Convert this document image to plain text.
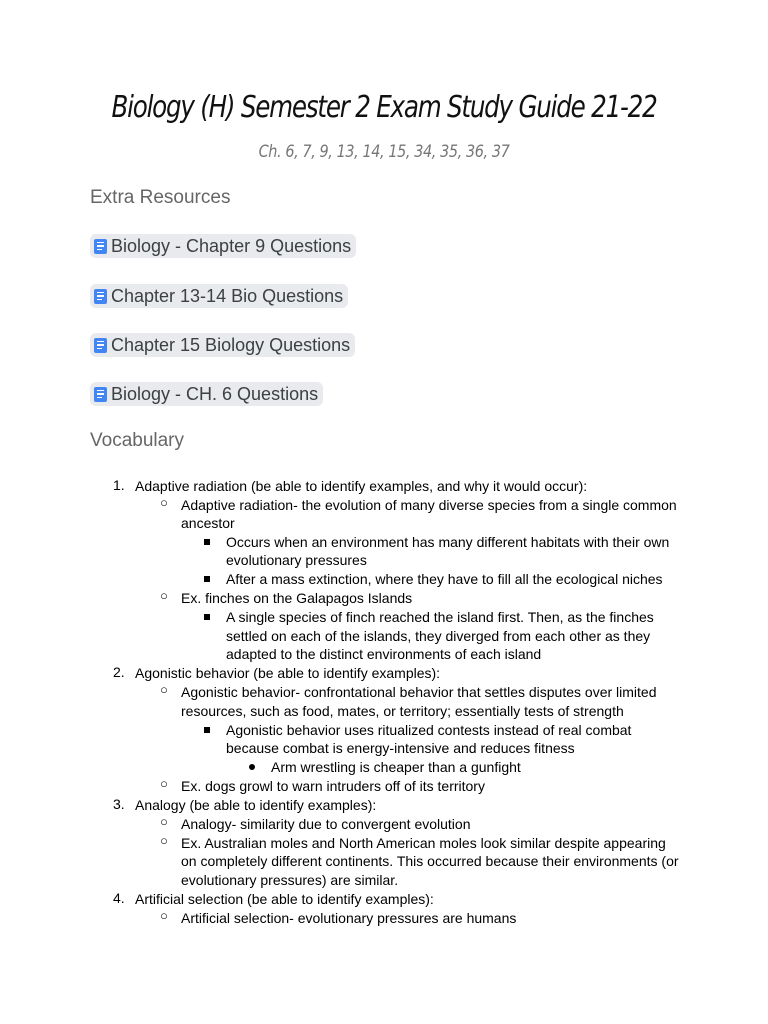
Biology (H) Semester 2 Exam Study Guide 21-22
Ch. 6, 7, 9, 13, 14, 15, 34, 35, 36, 37
Extra Resources
Biology - Chapter 9 Questions
Chapter 13-14 Bio Questions
Chapter 15 Biology Questions
Biology - CH. 6 Questions
Vocabulary
1. Adaptive radiation (be able to identify examples, and why it would occur):
○ Adaptive radiation- the evolution of many diverse species from a single common
ancestor
Occurs when an environment has many different habitats with their own
evolutionary pressures
After a mass extinction, where they have to fill all the ecological niches
○ Ex. finches on the Galapagos Islands
A single species of finch reached the island first. Then, as the finches
settled on each of the islands, they diverged from each other as they
adapted to the distinct environments of each island
2. Agonistic behavior (be able to identify examples):
○ Agonistic behavior- confrontational behavior that settles disputes over limited
resources, such as food, mates, or territory; essentially tests of strength
Agonistic behavior uses ritualized contests instead of real combat
because combat is energy-intensive and reduces fitness
Arm wrestling is cheaper than a gunfight
○ Ex. dogs growl to warn intruders off of its territory
3. Analogy (be able to identify examples):
○ Analogy- similarity due to convergent evolution
○ Ex. Australian moles and North American moles look similar despite appearing
on completely different continents. This occurred because their environments (or
evolutionary pressures) are similar.
4. Artificial selection (be able to identify examples):
○ Artificial selection- evolutionary pressures are humans
